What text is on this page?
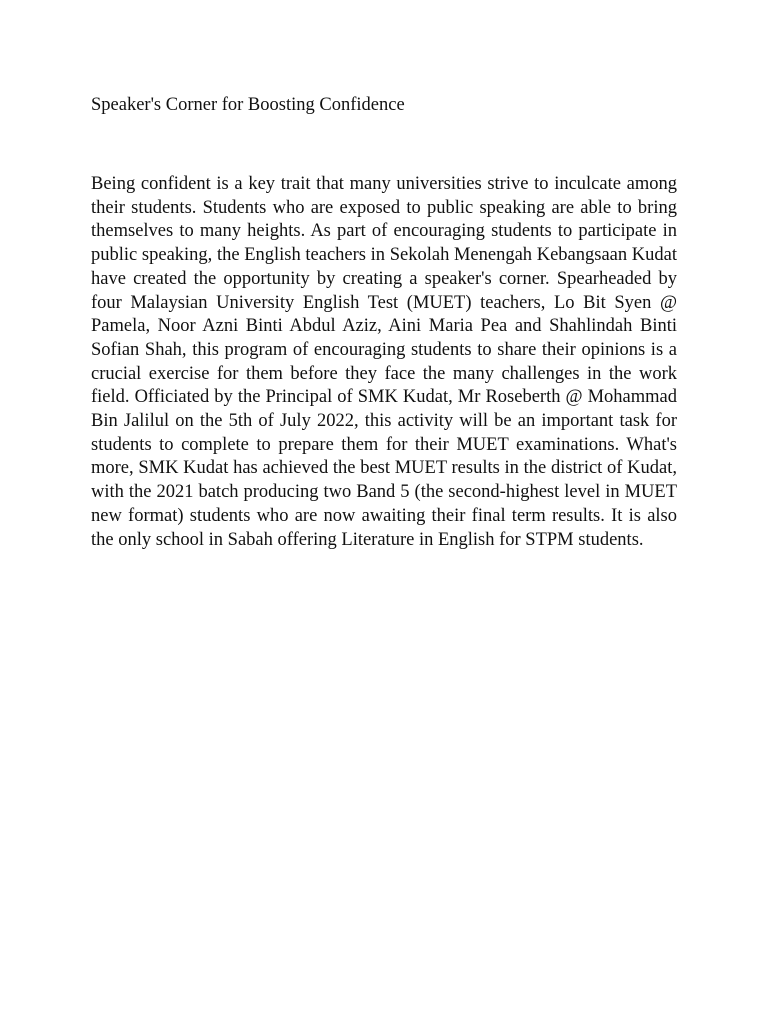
Speaker's Corner for Boosting Confidence

Being confident is a key trait that many universities strive to inculcate among their students. Students who are exposed to public speaking are able to bring themselves to many heights. As part of encouraging students to participate in public speaking, the English teachers in Sekolah Menengah Kebangsaan Kudat have created the opportunity by creating a speaker's corner. Spearheaded by four Malaysian University English Test (MUET) teachers, Lo Bit Syen @ Pamela, Noor Azni Binti Abdul Aziz, Aini Maria Pea and Shahlindah Binti Sofian Shah, this program of encouraging students to share their opinions is a crucial exercise for them before they face the many challenges in the work field. Officiated by the Principal of SMK Kudat, Mr Roseberth @ Mohammad Bin Jalilul on the 5th of July 2022, this activity will be an important task for students to complete to prepare them for their MUET examinations. What's more, SMK Kudat has achieved the best MUET results in the district of Kudat, with the 2021 batch producing two Band 5 (the second-highest level in MUET new format) students who are now awaiting their final term results. It is also the only school in Sabah offering Literature in English for STPM students.
